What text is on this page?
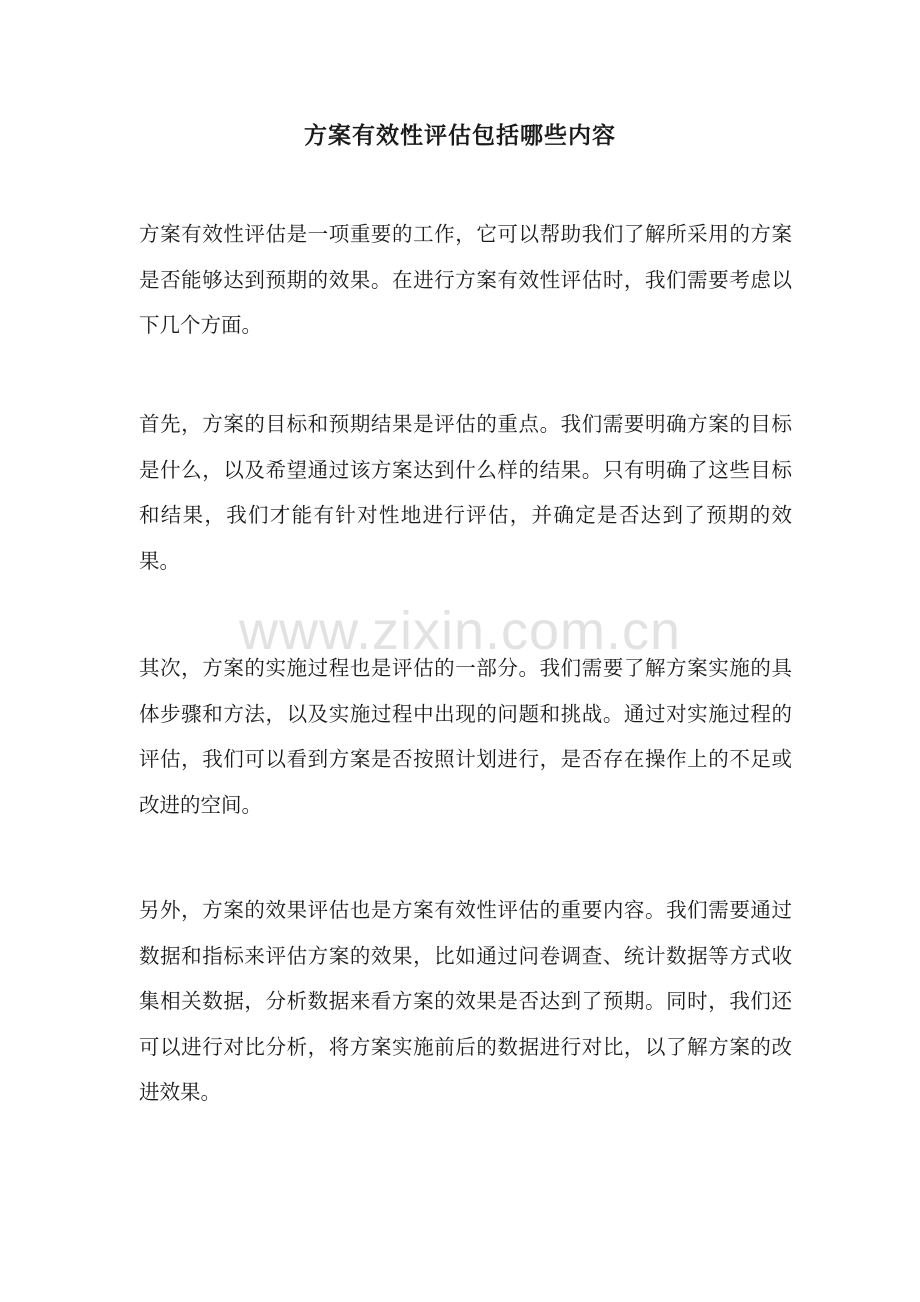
方案有效性评估包括哪些内容

方案有效性评估是一项重要的工作，它可以帮助我们了解所采用的方案是否能够达到预期的效果。在进行方案有效性评估时，我们需要考虑以下几个方面。

首先，方案的目标和预期结果是评估的重点。我们需要明确方案的目标是什么，以及希望通过该方案达到什么样的结果。只有明确了这些目标和结果，我们才能有针对性地进行评估，并确定是否达到了预期的效果。

www.zixin.com.cn

其次，方案的实施过程也是评估的一部分。我们需要了解方案实施的具体步骤和方法，以及实施过程中出现的问题和挑战。通过对实施过程的评估，我们可以看到方案是否按照计划进行，是否存在操作上的不足或改进的空间。

另外，方案的效果评估也是方案有效性评估的重要内容。我们需要通过数据和指标来评估方案的效果，比如通过问卷调查、统计数据等方式收集相关数据，分析数据来看方案的效果是否达到了预期。同时，我们还可以进行对比分析，将方案实施前后的数据进行对比，以了解方案的改进效果。
